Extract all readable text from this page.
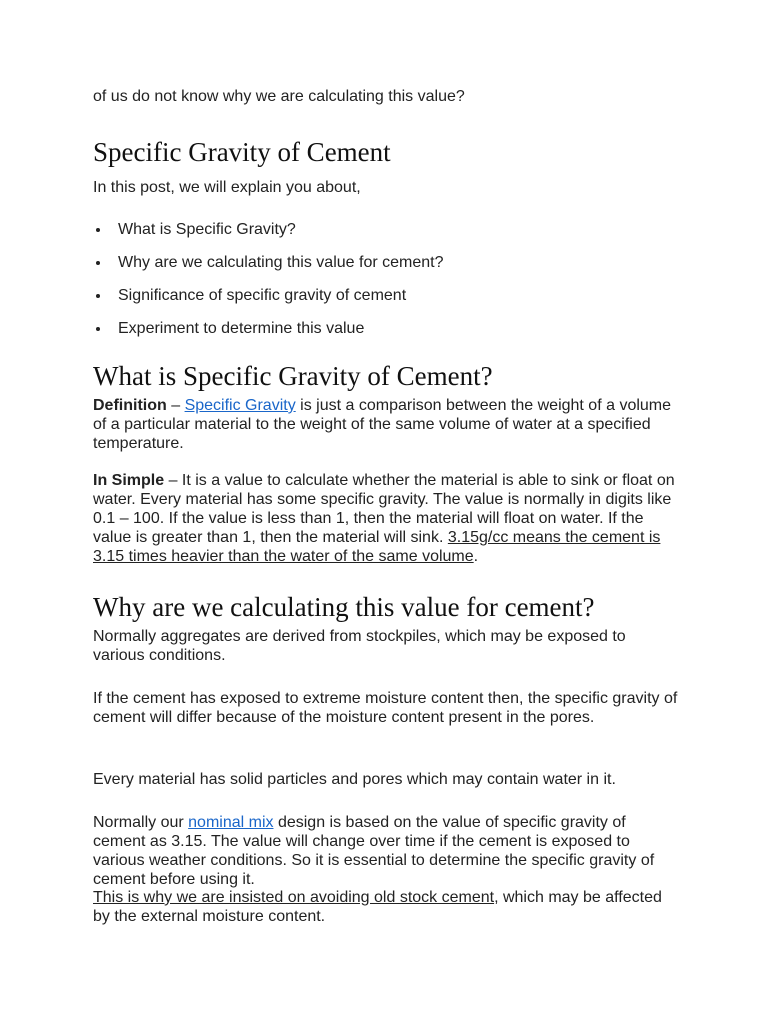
of us do not know why we are calculating this value?

Specific Gravity of Cement

In this post, we will explain you about,

What is Specific Gravity?
Why are we calculating this value for cement?
Significance of specific gravity of cement
Experiment to determine this value
What is Specific Gravity of Cement?

Definition – Specific Gravity is just a comparison between the weight of a volume of a particular material to the weight of the same volume of water at a specified temperature.

In Simple – It is a value to calculate whether the material is able to sink or float on water. Every material has some specific gravity. The value is normally in digits like 0.1 – 100. If the value is less than 1, then the material will float on water. If the value is greater than 1, then the material will sink. 3.15g/cc means the cement is 3.15 times heavier than the water of the same volume.

Why are we calculating this value for cement?

Normally aggregates are derived from stockpiles, which may be exposed to various conditions.

If the cement has exposed to extreme moisture content then, the specific gravity of cement will differ because of the moisture content present in the pores.

Every material has solid particles and pores which may contain water in it.

Normally our nominal mix design is based on the value of specific gravity of cement as 3.15. The value will change over time if the cement is exposed to various weather conditions. So it is essential to determine the specific gravity of cement before using it.

This is why we are insisted on avoiding old stock cement, which may be affected by the external moisture content.
